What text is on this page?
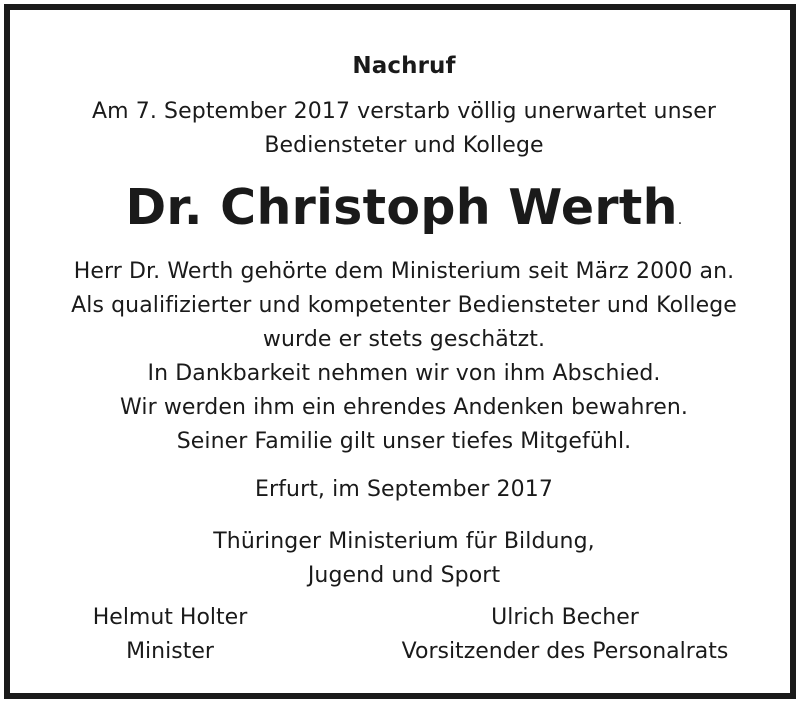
Nachruf
Am 7. September 2017 verstarb völlig unerwartet unser
Bediensteter und Kollege
Dr. Christoph Werth.
Herr Dr. Werth gehörte dem Ministerium seit März 2000 an.
Als qualifizierter und kompetenter Bediensteter und Kollege
wurde er stets geschätzt.
In Dankbarkeit nehmen wir von ihm Abschied.
Wir werden ihm ein ehrendes Andenken bewahren.
Seiner Familie gilt unser tiefes Mitgefühl.
Erfurt, im September 2017
Thüringer Ministerium für Bildung,
Jugend und Sport
Helmut Holter
Minister
Ulrich Becher
Vorsitzender des Personalrats
